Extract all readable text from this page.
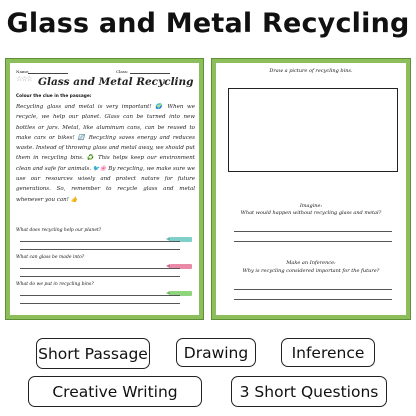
Glass and Metal Recycling
Name:	Class:
☆☆☆ Glass and Metal Recycling
Colour the clue in the passage:
Recycling glass and metal is very important! 🌍 When we recycle, we help our planet. Glass can be turned into new bottles or jars. Metal, like aluminum cans, can be reused to make cars or bikes! 🔄 Recycling saves energy and reduces waste. Instead of throwing glass and metal away, we should put them in recycling bins. ♻️ This helps keep our environment clean and safe for animals. 🐦🌸 By recycling, we make sure we use our resources wisely and protect nature for future generations. So, remember to recycle glass and metal whenever you can! 👍
What does recycling help our planet?
What can glass be made into?
What do we put in recycling bins?
Draw a picture of recycling bins.
Imagine:
What would happen without recycling glass and metal?
Make an Inference:
Why is recycling considered important for the future?
Short Passage	Drawing	Inference
Creative Writing	3 Short Questions
